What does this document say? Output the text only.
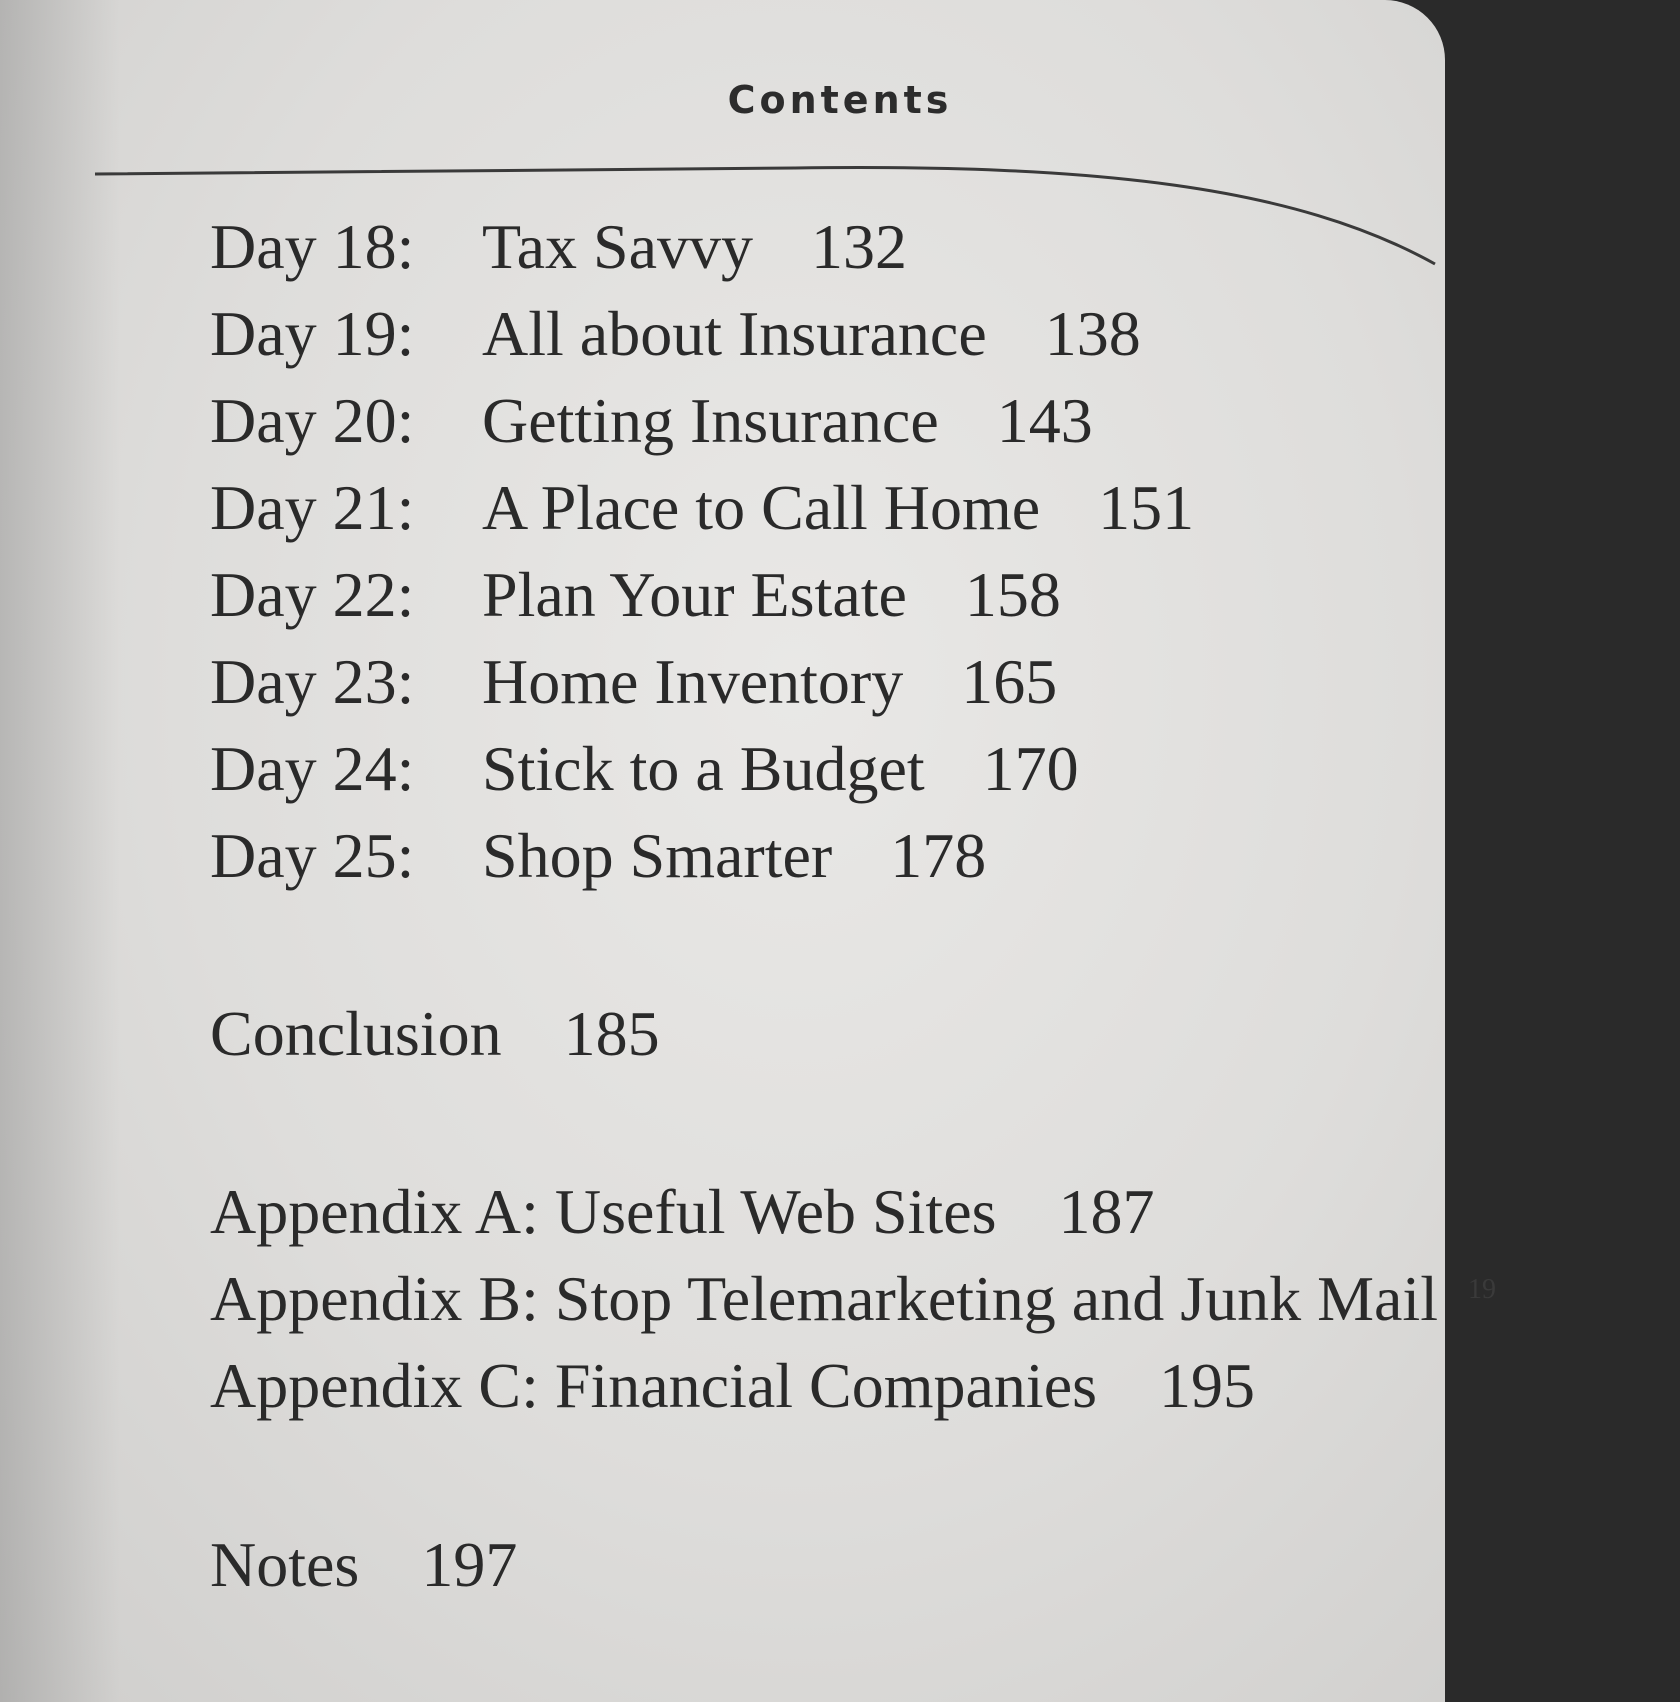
Contents
Day 18: Tax Savvy 132
Day 19: All about Insurance 138
Day 20: Getting Insurance 143
Day 21: A Place to Call Home 151
Day 22: Plan Your Estate 158
Day 23: Home Inventory 165
Day 24: Stick to a Budget 170
Day 25: Shop Smarter 178
Conclusion 185
Appendix A: Useful Web Sites 187
Appendix B: Stop Telemarketing and Junk Mail $^{19}$
Appendix C: Financial Companies 195
Notes 197
